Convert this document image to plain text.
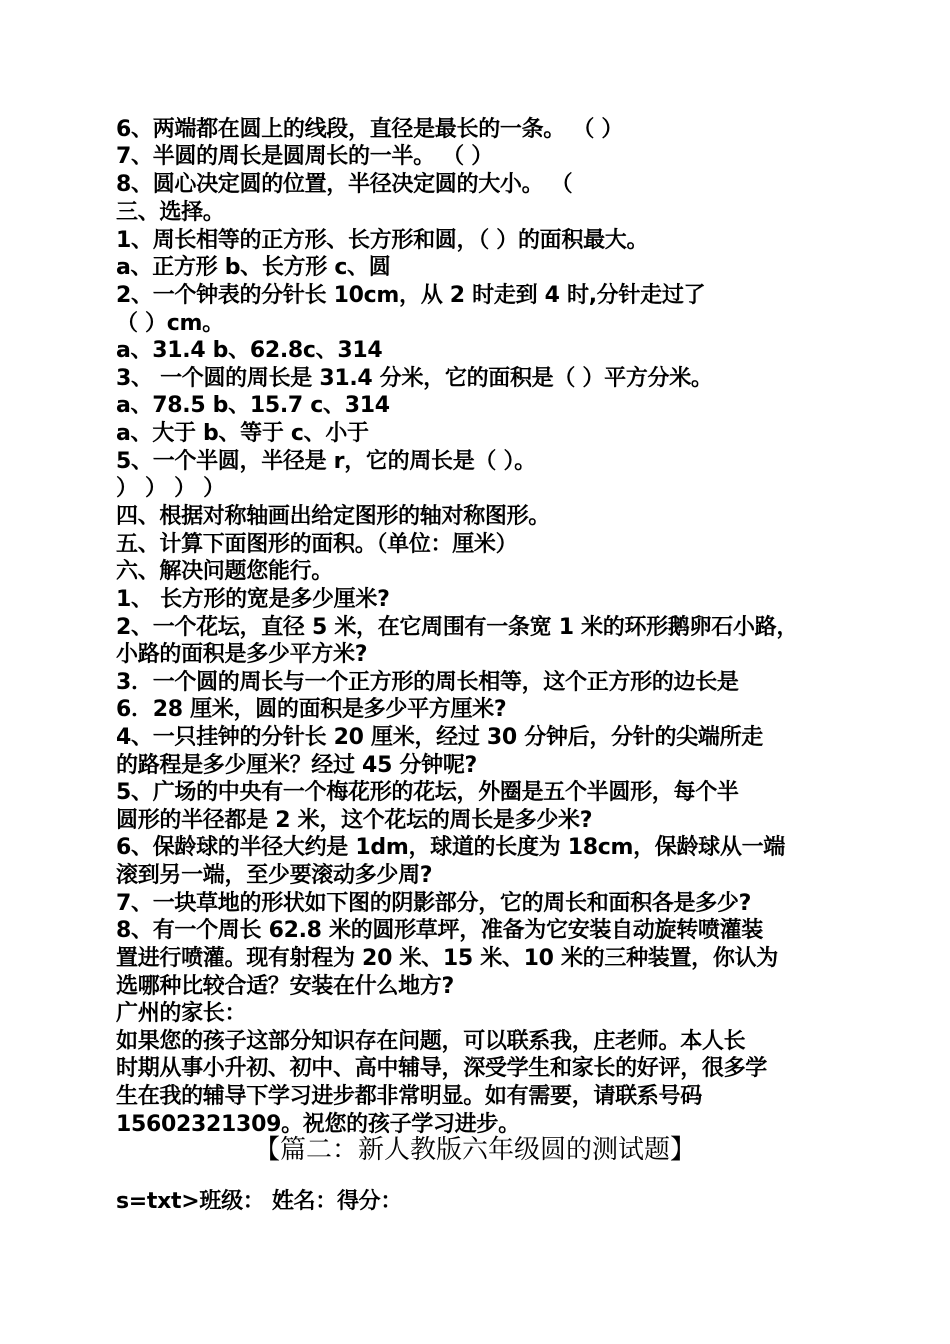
6、两端都在圆上的线段，直径是最长的一条。 （ ）
7、半圆的周长是圆周长的一半。 （ ）
8、圆心决定圆的位置，半径决定圆的大小。 （
三、选择。
1、周长相等的正方形、长方形和圆，（ ）的面积最大。
a、正方形 b、长方形 c、圆
2、一个钟表的分针长 10cm，从 2 时走到 4 时,分针走过了
（ ）cm。
a、31.4 b、62.8c、314
3、 一个圆的周长是 31.4 分米，它的面积是（ ）平方分米。
a、78.5 b、15.7 c、314
a、大于 b、等于 c、小于
5、一个半圆，半径是 r，它的周长是（ ）。
） ） ） ）
四、根据对称轴画出给定图形的轴对称图形。
五、计算下面图形的面积。（单位：厘米）
六、解决问题您能行。
1、 长方形的宽是多少厘米?
2、一个花坛，直径 5 米，在它周围有一条宽 1 米的环形鹅卵石小路，
小路的面积是多少平方米?
3．一个圆的周长与一个正方形的周长相等，这个正方形的边长是
6．28 厘米，圆的面积是多少平方厘米?
4、一只挂钟的分针长 20 厘米，经过 30 分钟后，分针的尖端所走
的路程是多少厘米？经过 45 分钟呢?
5、广场的中央有一个梅花形的花坛，外圈是五个半圆形，每个半
圆形的半径都是 2 米，这个花坛的周长是多少米?
6、保龄球的半径大约是 1dm，球道的长度为 18cm，保龄球从一端
滚到另一端，至少要滚动多少周?
7、一块草地的形状如下图的阴影部分，它的周长和面积各是多少?
8、有一个周长 62.8 米的圆形草坪，准备为它安装自动旋转喷灌装
置进行喷灌。现有射程为 20 米、15 米、10 米的三种装置，你认为
选哪种比较合适？安装在什么地方?
广州的家长：
如果您的孩子这部分知识存在问题，可以联系我，庄老师。本人长
时期从事小升初、初中、高中辅导，深受学生和家长的好评，很多学
生在我的辅导下学习进步都非常明显。如有需要，请联系号码
15602321309。祝您的孩子学习进步。
【篇二：新人教版六年级圆的测试题】
s=txt>班级： 姓名：得分：
